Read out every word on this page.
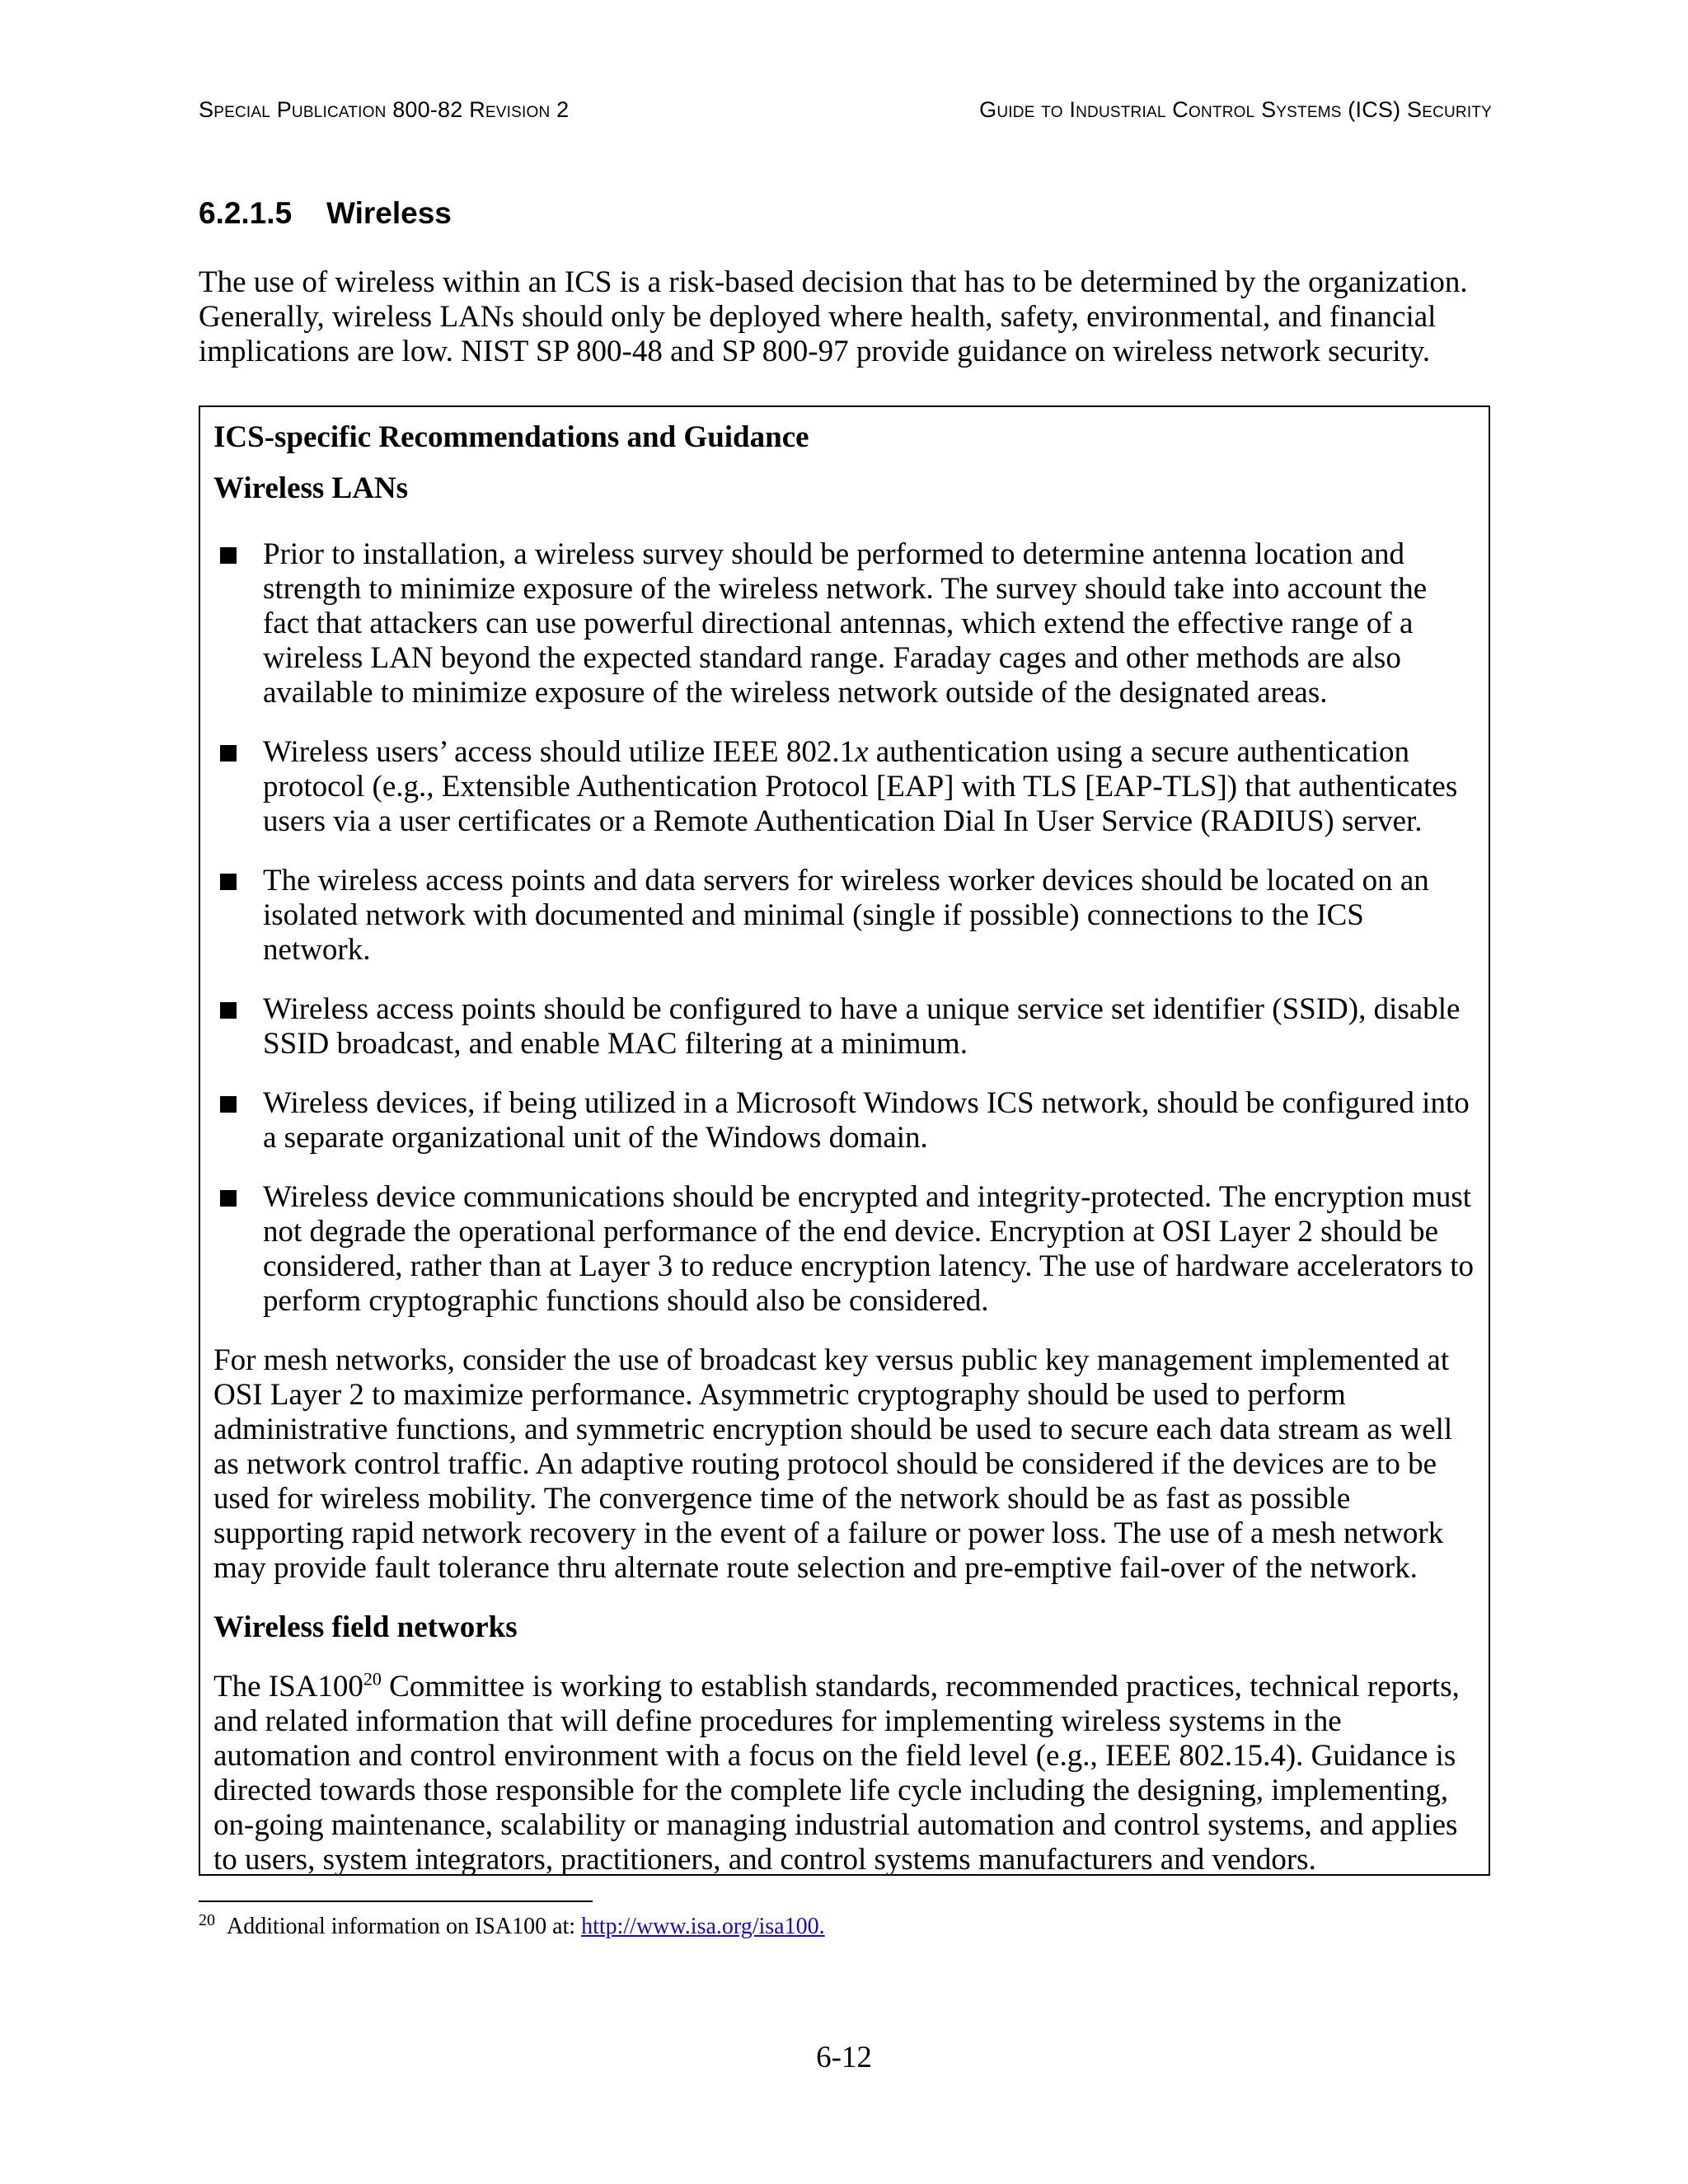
Special Publication 800-82 Revision 2	Guide to Industrial Control Systems (ICS) Security
6.2.1.5 Wireless

The use of wireless within an ICS is a risk-based decision that has to be determined by the organization. Generally, wireless LANs should only be deployed where health, safety, environmental, and financial implications are low. NIST SP 800-48 and SP 800-97 provide guidance on wireless network security.

ICS-specific Recommendations and Guidance
Wireless LANs
Prior to installation, a wireless survey should be performed to determine antenna location and strength to minimize exposure of the wireless network. The survey should take into account the fact that attackers can use powerful directional antennas, which extend the effective range of a wireless LAN beyond the expected standard range. Faraday cages and other methods are also available to minimize exposure of the wireless network outside of the designated areas.
Wireless users’ access should utilize IEEE 802.1x authentication using a secure authentication protocol (e.g., Extensible Authentication Protocol [EAP] with TLS [EAP-TLS]) that authenticates users via a user certificates or a Remote Authentication Dial In User Service (RADIUS) server.
The wireless access points and data servers for wireless worker devices should be located on an isolated network with documented and minimal (single if possible) connections to the ICS network.
Wireless access points should be configured to have a unique service set identifier (SSID), disable SSID broadcast, and enable MAC filtering at a minimum.
Wireless devices, if being utilized in a Microsoft Windows ICS network, should be configured into a separate organizational unit of the Windows domain.
Wireless device communications should be encrypted and integrity-protected. The encryption must not degrade the operational performance of the end device. Encryption at OSI Layer 2 should be considered, rather than at Layer 3 to reduce encryption latency. The use of hardware accelerators to perform cryptographic functions should also be considered.
For mesh networks, consider the use of broadcast key versus public key management implemented at OSI Layer 2 to maximize performance. Asymmetric cryptography should be used to perform administrative functions, and symmetric encryption should be used to secure each data stream as well as network control traffic. An adaptive routing protocol should be considered if the devices are to be used for wireless mobility. The convergence time of the network should be as fast as possible supporting rapid network recovery in the event of a failure or power loss. The use of a mesh network may provide fault tolerance thru alternate route selection and pre-emptive fail-over of the network.
Wireless field networks
The $ISA100^{20}$ Committee is working to establish standards, recommended practices, technical reports, and related information that will define procedures for implementing wireless systems in the automation and control environment with a focus on the field level (e.g., IEEE 802.15.4). Guidance is directed towards those responsible for the complete life cycle including the designing, implementing, on-going maintenance, scalability or managing industrial automation and control systems, and applies to users, system integrators, practitioners, and control systems manufacturers and vendors.
$^{20}$ Additional information on ISA100 at: http://www.isa.org/isa100.
6-12
